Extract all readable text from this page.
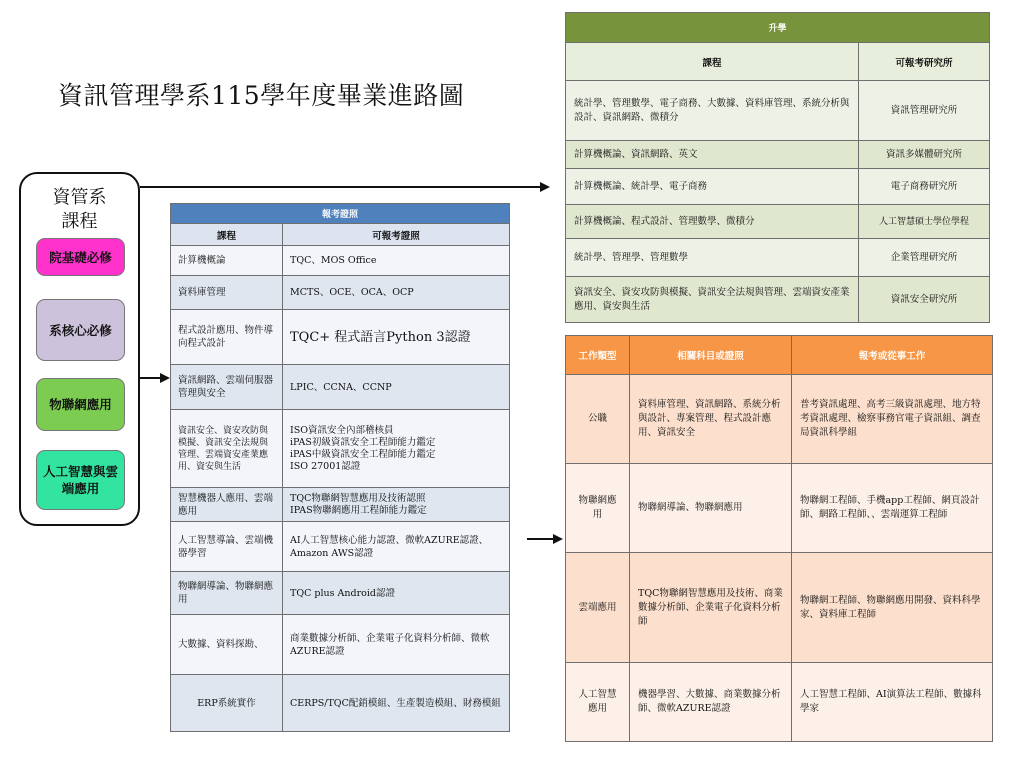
資訊管理學系115學年度畢業進路圖
資管系
課程
院基礎必修
系核心必修
物聯網應用
人工智慧與雲端應用
報考證照	
課程	可報考證照
計算機概論	TQC、MOS Office
資料庫管理	MCTS、OCE、OCA、OCP
程式設計應用、物件導向程式設計	TQC+ 程式語言Python 3認證
資訊網路、雲端伺服器管理與安全	LPIC、CCNA、CCNP
資訊安全、資安攻防與模擬、資訊安全法規與管理、雲端資安產業應用、資安與生活	ISO資訊安全內部稽核員
iPAS初級資訊安全工程師能力鑑定
iPAS中級資訊安全工程師能力鑑定
ISO 27001認證
智慧機器人應用、雲端應用	TQC物聯網智慧應用及技術認照
IPAS物聯網應用工程師能力鑑定
人工智慧導論、雲端機器學習	AI人工智慧核心能力認證、微軟AZURE認證、Amazon AWS認證
物聯網導論、物聯網應用	TQC plus Android認證
大數據、資料探勘、	商業數據分析師、企業電子化資料分析師、微軟AZURE認證
ERP系統實作	CERPS/TQC配銷模組、生產製造模組、財務模組
升學	
課程	可報考研究所
統計學、管理數學、電子商務、大數據、資料庫管理、系統分析與設計、資訊網路、微積分	資訊管理研究所
計算機概論、資訊網路、英文	資訊多媒體研究所
計算機概論、統計學、電子商務	電子商務研究所
計算機概論、程式設計、管理數學、微積分	人工智慧碩士學位學程
統計學、管理學、管理數學	企業管理研究所
資訊安全、資安攻防與模擬、資訊安全法規與管理、雲端資安產業應用、資安與生活	資訊安全研究所
工作類型	相關科目或證照	報考或從事工作
公職	資料庫管理、資訊網路、系統分析與設計、專案管理、程式設計應用、資訊安全	普考資訊處理、高考三級資訊處理、地方特考資訊處理、檢察事務官電子資訊組、調查局資訊科學組
物聯網應用	物聯網導論、物聯網應用	物聯網工程師、手機app工程師、網頁設計師、網路工程師、、雲端運算工程師
雲端應用	TQC物聯網智慧應用及技術、商業數據分析師、企業電子化資料分析師	物聯網工程師、物聯網應用開發、資料科學家、資料庫工程師
人工智慧應用	機器學習、大數據、商業數據分析師、微軟AZURE認證	人工智慧工程師、AI演算法工程師、數據科學家
